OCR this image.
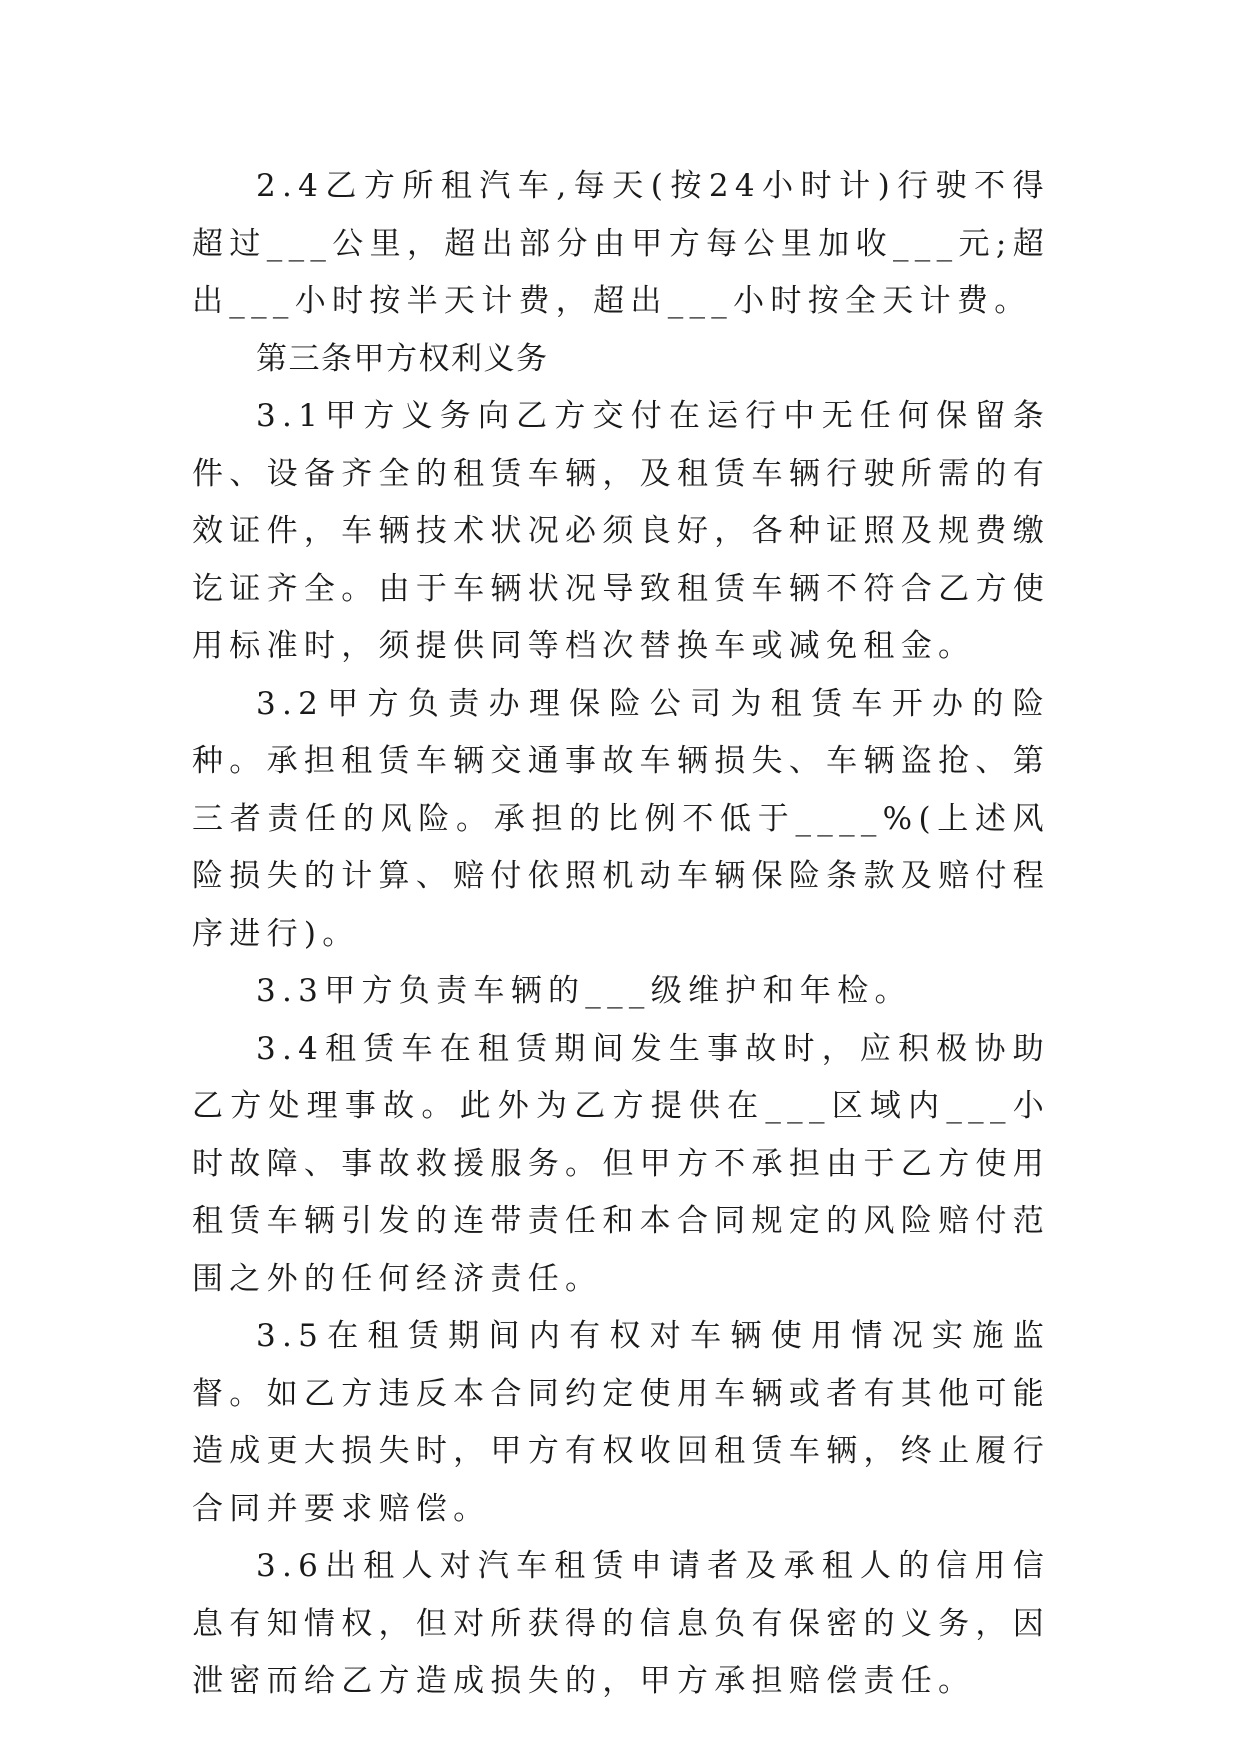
2.4乙方所租汽车,每天(按24小时计)行驶不得超过___公里，超出部分由甲方每公里加收___元;超出___小时按半天计费，超出___小时按全天计费。

第三条甲方权利义务

3.1甲方义务向乙方交付在运行中无任何保留条件、设备齐全的租赁车辆，及租赁车辆行驶所需的有效证件，车辆技术状况必须良好，各种证照及规费缴讫证齐全。由于车辆状况导致租赁车辆不符合乙方使用标准时，须提供同等档次替换车或减免租金。

3.2甲方负责办理保险公司为租赁车开办的险种。承担租赁车辆交通事故车辆损失、车辆盗抢、第三者责任的风险。承担的比例不低于____%(上述风险损失的计算、赔付依照机动车辆保险条款及赔付程序进行)。

3.3甲方负责车辆的___级维护和年检。

3.4租赁车在租赁期间发生事故时，应积极协助乙方处理事故。此外为乙方提供在___区域内___小时故障、事故救援服务。但甲方不承担由于乙方使用租赁车辆引发的连带责任和本合同规定的风险赔付范围之外的任何经济责任。

3.5在租赁期间内有权对车辆使用情况实施监督。如乙方违反本合同约定使用车辆或者有其他可能造成更大损失时，甲方有权收回租赁车辆，终止履行合同并要求赔偿。

3.6出租人对汽车租赁申请者及承租人的信用信息有知情权，但对所获得的信息负有保密的义务，因泄密而给乙方造成损失的，甲方承担赔偿责任。
